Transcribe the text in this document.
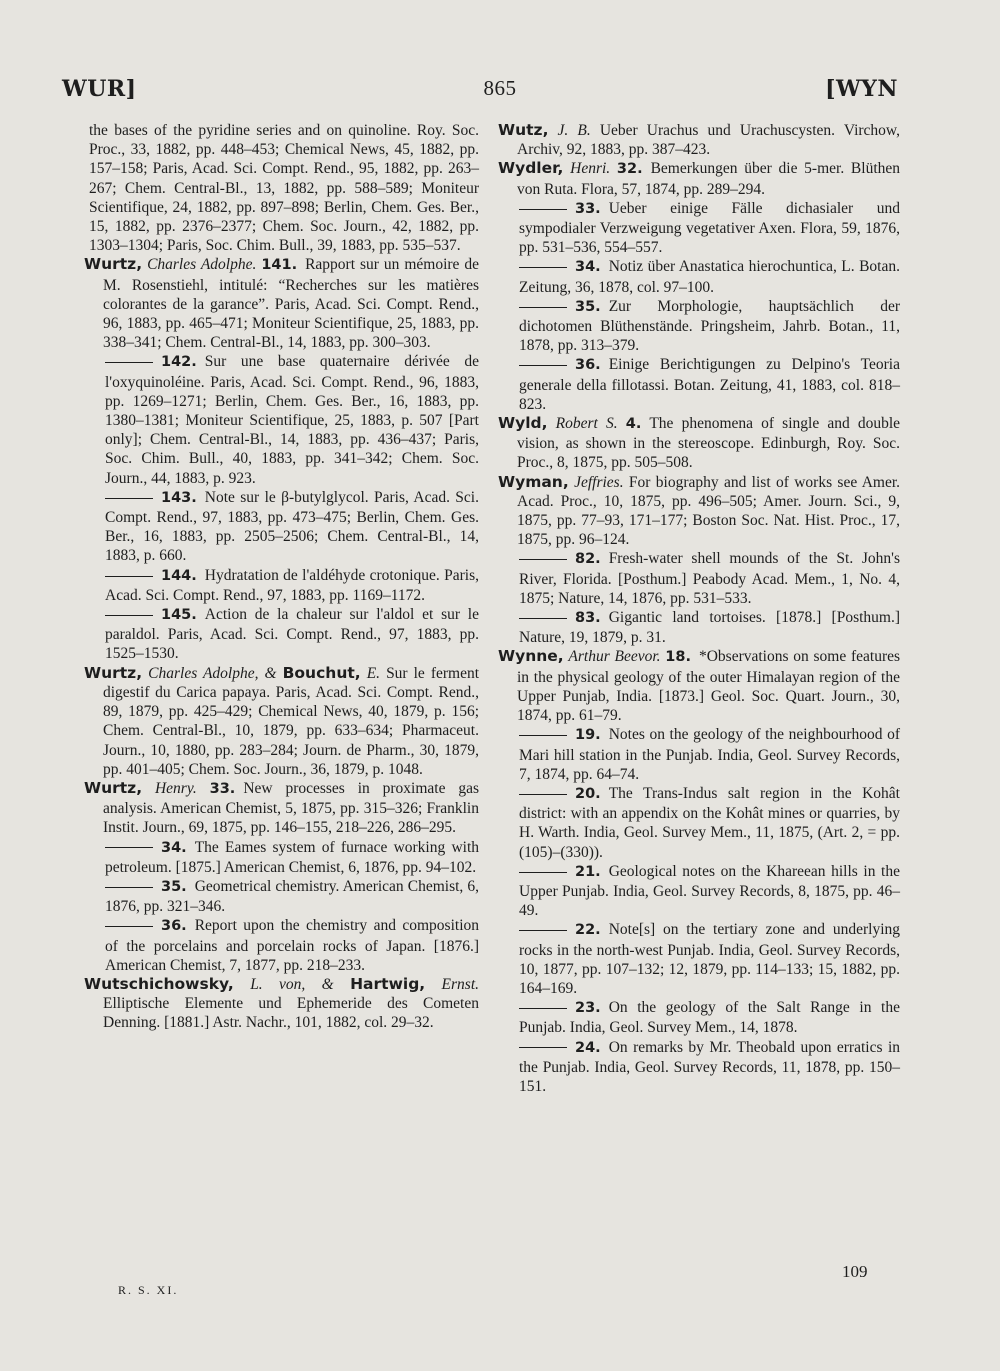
WUR]	865	[WYN

the bases of the pyridine series and on quinoline. Roy. Soc. Proc., 33, 1882, pp. 448–453; Chemical News, 45, 1882, pp. 157–158; Paris, Acad. Sci. Compt. Rend., 95, 1882, pp. 263–267; Chem. Central-Bl., 13, 1882, pp. 588–589; Moniteur Scientifique, 24, 1882, pp. 897–898; Berlin, Chem. Ges. Ber., 15, 1882, pp. 2376–2377; Chem. Soc. Journ., 42, 1882, pp. 1303–1304; Paris, Soc. Chim. Bull., 39, 1883, pp. 535–537.

Wurtz, Charles Adolphe. 141. Rapport sur un mémoire de M. Rosenstiehl, intitulé: “Recherches sur les matières colorantes de la garance”. Paris, Acad. Sci. Compt. Rend., 96, 1883, pp. 465–471; Moniteur Scientifique, 25, 1883, pp. 338–341; Chem. Central-Bl., 14, 1883, pp. 300–303.

142. Sur une base quaternaire dérivée de l'oxyquinoléine. Paris, Acad. Sci. Compt. Rend., 96, 1883, pp. 1269–1271; Berlin, Chem. Ges. Ber., 16, 1883, pp. 1380–1381; Moniteur Scientifique, 25, 1883, p. 507 [Part only]; Chem. Central-Bl., 14, 1883, pp. 436–437; Paris, Soc. Chim. Bull., 40, 1883, pp. 341–342; Chem. Soc. Journ., 44, 1883, p. 923.

143. Note sur le β-butylglycol. Paris, Acad. Sci. Compt. Rend., 97, 1883, pp. 473–475; Berlin, Chem. Ges. Ber., 16, 1883, pp. 2505–2506; Chem. Central-Bl., 14, 1883, p. 660.

144. Hydratation de l'aldéhyde crotonique. Paris, Acad. Sci. Compt. Rend., 97, 1883, pp. 1169–1172.

145. Action de la chaleur sur l'aldol et sur le paraldol. Paris, Acad. Sci. Compt. Rend., 97, 1883, pp. 1525–1530.

Wurtz, Charles Adolphe, & Bouchut, E. Sur le ferment digestif du Carica papaya. Paris, Acad. Sci. Compt. Rend., 89, 1879, pp. 425–429; Chemical News, 40, 1879, p. 156; Chem. Central-Bl., 10, 1879, pp. 633–634; Pharmaceut. Journ., 10, 1880, pp. 283–284; Journ. de Pharm., 30, 1879, pp. 401–405; Chem. Soc. Journ., 36, 1879, p. 1048.

Wurtz, Henry. 33. New processes in proximate gas analysis. American Chemist, 5, 1875, pp. 315–326; Franklin Instit. Journ., 69, 1875, pp. 146–155, 218–226, 286–295.

34. The Eames system of furnace working with petroleum. [1875.] American Chemist, 6, 1876, pp. 94–102.

35. Geometrical chemistry. American Chemist, 6, 1876, pp. 321–346.

36. Report upon the chemistry and composition of the porcelains and porcelain rocks of Japan. [1876.] American Chemist, 7, 1877, pp. 218–233.

Wutschichowsky, L. von, & Hartwig, Ernst. Elliptische Elemente und Ephemeride des Cometen Denning. [1881.] Astr. Nachr., 101, 1882, col. 29–32.

Wutz, J. B. Ueber Urachus und Urachuscysten. Virchow, Archiv, 92, 1883, pp. 387–423.

Wydler, Henri. 32. Bemerkungen über die 5-mer. Blüthen von Ruta. Flora, 57, 1874, pp. 289–294.

33. Ueber einige Fälle dichasialer und sympodialer Verzweigung vegetativer Axen. Flora, 59, 1876, pp. 531–536, 554–557.

34. Notiz über Anastatica hierochuntica, L. Botan. Zeitung, 36, 1878, col. 97–100.

35. Zur Morphologie, hauptsächlich der dichotomen Blüthenstände. Pringsheim, Jahrb. Botan., 11, 1878, pp. 313–379.

36. Einige Berichtigungen zu Delpino's Teoria generale della fillotassi. Botan. Zeitung, 41, 1883, col. 818–823.

Wyld, Robert S. 4. The phenomena of single and double vision, as shown in the stereoscope. Edinburgh, Roy. Soc. Proc., 8, 1875, pp. 505–508.

Wyman, Jeffries. For biography and list of works see Amer. Acad. Proc., 10, 1875, pp. 496–505; Amer. Journ. Sci., 9, 1875, pp. 77–93, 171–177; Boston Soc. Nat. Hist. Proc., 17, 1875, pp. 96–124.

82. Fresh-water shell mounds of the St. John's River, Florida. [Posthum.] Peabody Acad. Mem., 1, No. 4, 1875; Nature, 14, 1876, pp. 531–533.

83. Gigantic land tortoises. [1878.] [Posthum.] Nature, 19, 1879, p. 31.

Wynne, Arthur Beevor. 18. *Observations on some features in the physical geology of the outer Himalayan region of the Upper Punjab, India. [1873.] Geol. Soc. Quart. Journ., 30, 1874, pp. 61–79.

19. Notes on the geology of the neighbourhood of Mari hill station in the Punjab. India, Geol. Survey Records, 7, 1874, pp. 64–74.

20. The Trans-Indus salt region in the Kohât district: with an appendix on the Kohât mines or quarries, by H. Warth. India, Geol. Survey Mem., 11, 1875, (Art. 2, = pp. (105)–(330)).

21. Geological notes on the Khareean hills in the Upper Punjab. India, Geol. Survey Records, 8, 1875, pp. 46–49.

22. Note[s] on the tertiary zone and underlying rocks in the north-west Punjab. India, Geol. Survey Records, 10, 1877, pp. 107–132; 12, 1879, pp. 114–133; 15, 1882, pp. 164–169.

23. On the geology of the Salt Range in the Punjab. India, Geol. Survey Mem., 14, 1878.

24. On remarks by Mr. Theobald upon erratics in the Punjab. India, Geol. Survey Records, 11, 1878, pp. 150–151.

R. S. XI.
109
